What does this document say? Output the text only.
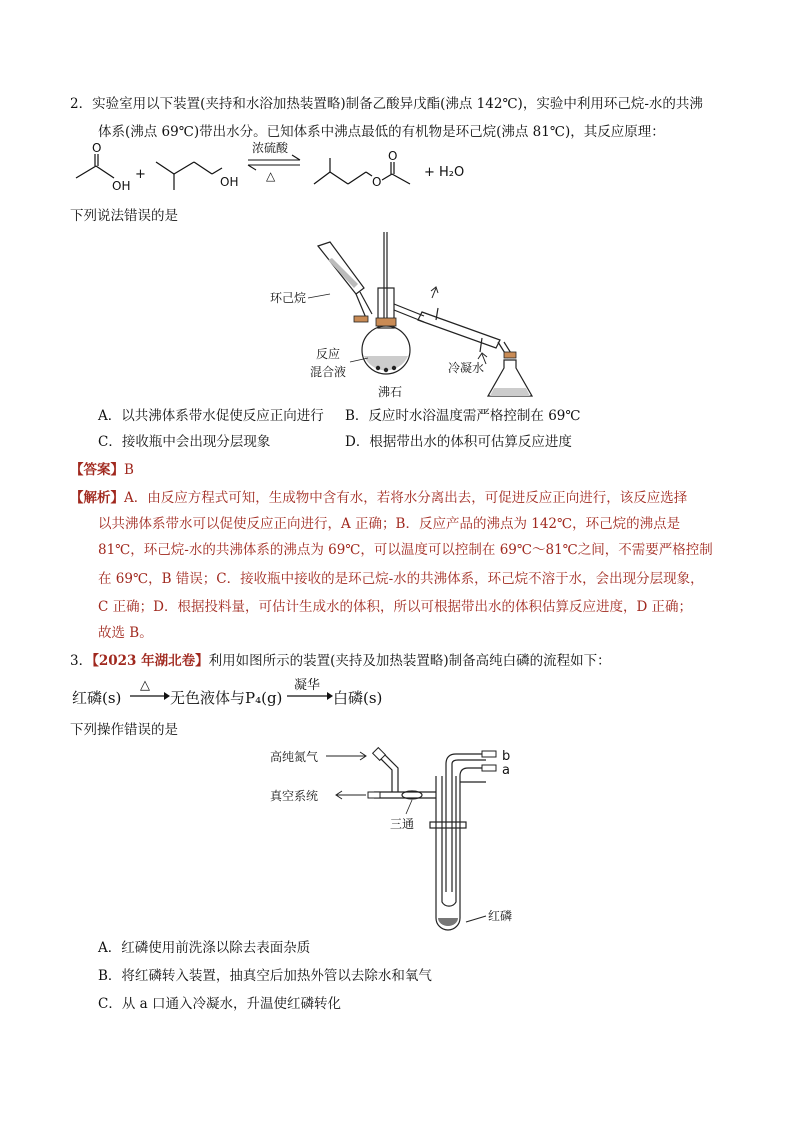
2．实验室用以下装置(夹持和水浴加热装置略)制备乙酸异戊酯(沸点 142℃)，实验中利用环己烷-水的共沸
体系(沸点 69℃)带出水分。已知体系中沸点最低的有机物是环己烷(沸点 81℃)，其反应原理：
O
OH
+	OH
浓硫酸
△	O
O
+ H₂O
下列说法错误的是
环己烷
反应
混合液
沸石
冷凝水
A．以共沸体系带水促使反应正向进行 B．反应时水浴温度需严格控制在 69℃
C．接收瓶中会出现分层现象	D．根据带出水的体积可估算反应进度
【答案】B
【解析】A．由反应方程式可知，生成物中含有水，若将水分离出去，可促进反应正向进行，该反应选择
以共沸体系带水可以促使反应正向进行，A 正确；B．反应产品的沸点为 142℃，环己烷的沸点是
81℃，环己烷-水的共沸体系的沸点为 69℃，可以温度可以控制在 69℃～81℃之间，不需要严格控制
在 69℃，B 错误；C．接收瓶中接收的是环己烷-水的共沸体系，环己烷不溶于水，会出现分层现象，
C 正确；D．根据投料量，可估计生成水的体积，所以可根据带出水的体积估算反应进度，D 正确；
故选 B。
3．【2023 年湖北卷】利用如图所示的装置(夹持及加热装置略)制备高纯白磷的流程如下：
红磷(s)
△
无色液体与P₄(g)
凝华
白磷(s)
下列操作错误的是
高纯氮气
真空系统
三通
b
a
红磷
A．红磷使用前洗涤以除去表面杂质
B．将红磷转入装置，抽真空后加热外管以去除水和氧气
C．从 a 口通入冷凝水，升温使红磷转化
